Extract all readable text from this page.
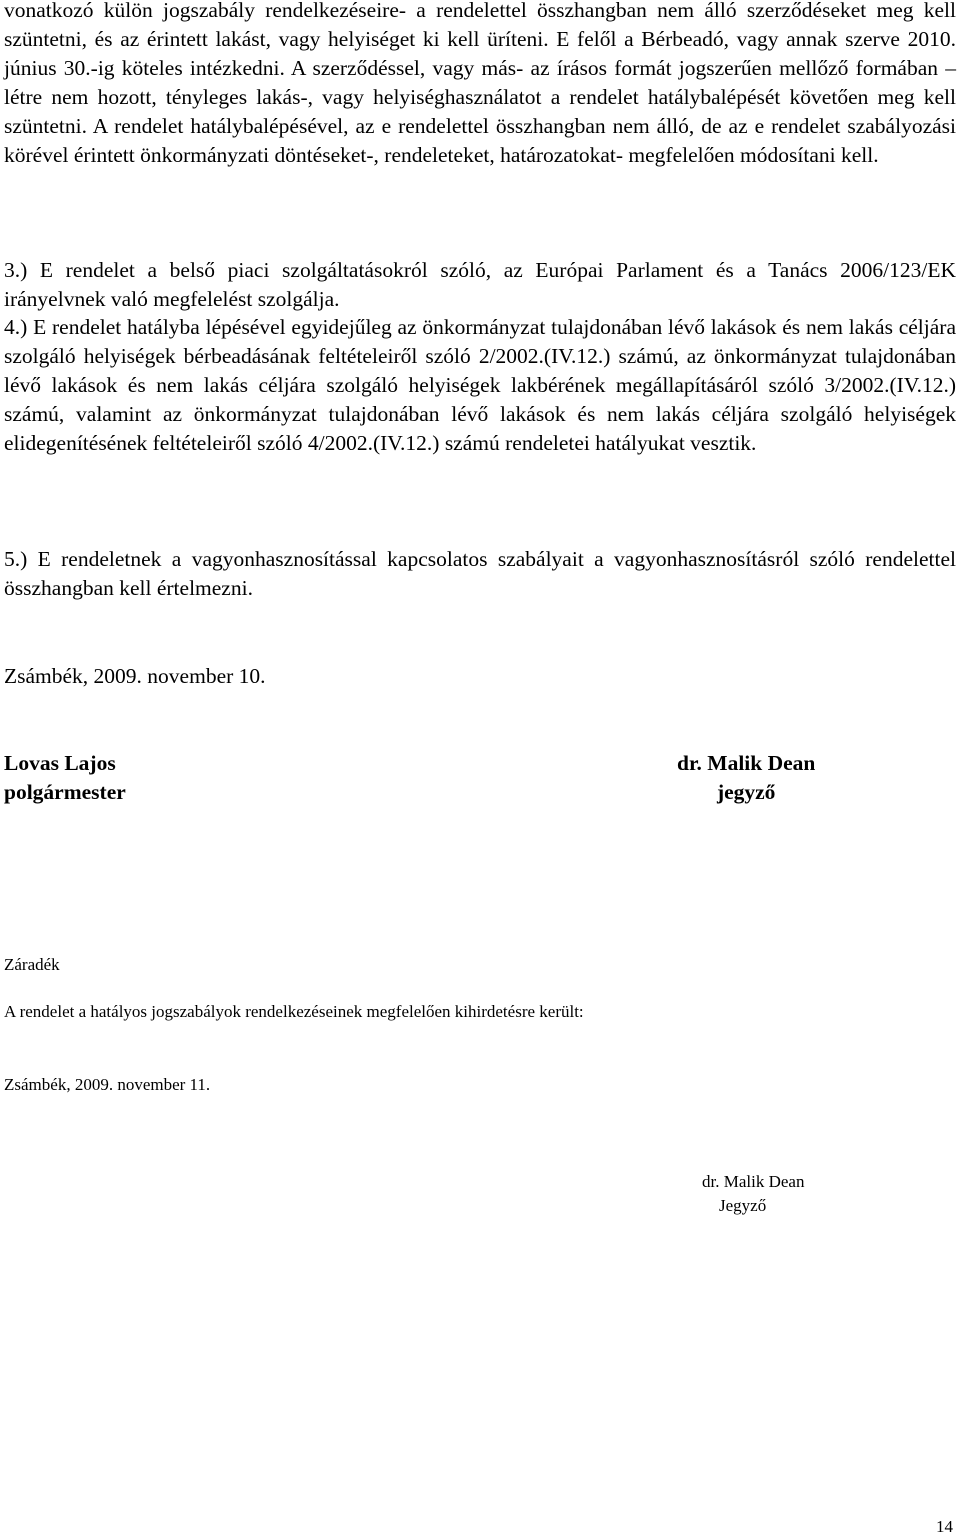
vonatkozó külön jogszabály rendelkezéseire- a rendelettel összhangban nem álló szerződéseket meg kell szüntetni, és az érintett lakást, vagy helyiséget ki kell üríteni. E felől a Bérbeadó, vagy annak szerve 2010. június 30.-ig köteles intézkedni. A szerződéssel, vagy más- az írásos formát jogszerűen mellőző formában – létre nem hozott, tényleges lakás-, vagy helyiséghasználatot a rendelet hatálybalépését követően meg kell szüntetni. A rendelet hatálybalépésével, az e rendelettel összhangban nem álló, de az e rendelet szabályozási körével érintett önkormányzati döntéseket-, rendeleteket, határozatokat- megfelelően módosítani kell.

3.) E rendelet a belső piaci szolgáltatásokról szóló, az Európai Parlament és a Tanács 2006/123/EK irányelvnek való megfelelést szolgálja.

4.) E rendelet hatályba lépésével egyidejűleg az önkormányzat tulajdonában lévő lakások és nem lakás céljára szolgáló helyiségek bérbeadásának feltételeiről szóló 2/2002.(IV.12.) számú, az önkormányzat tulajdonában lévő lakások és nem lakás céljára szolgáló helyiségek lakbérének megállapításáról szóló 3/2002.(IV.12.) számú, valamint az önkormányzat tulajdonában lévő lakások és nem lakás céljára szolgáló helyiségek elidegenítésének feltételeiről szóló 4/2002.(IV.12.) számú rendeletei hatályukat vesztik.

5.) E rendeletnek a vagyonhasznosítással kapcsolatos szabályait a vagyonhasznosításról szóló rendelettel összhangban kell értelmezni.

Zsámbék, 2009. november 10.
Lovas Lajos
polgármester
dr. Malik Dean
jegyző
Záradék
A rendelet a hatályos jogszabályok rendelkezéseinek megfelelően kihirdetésre került:
Zsámbék, 2009. november 11.
dr. Malik Dean
Jegyző
14
